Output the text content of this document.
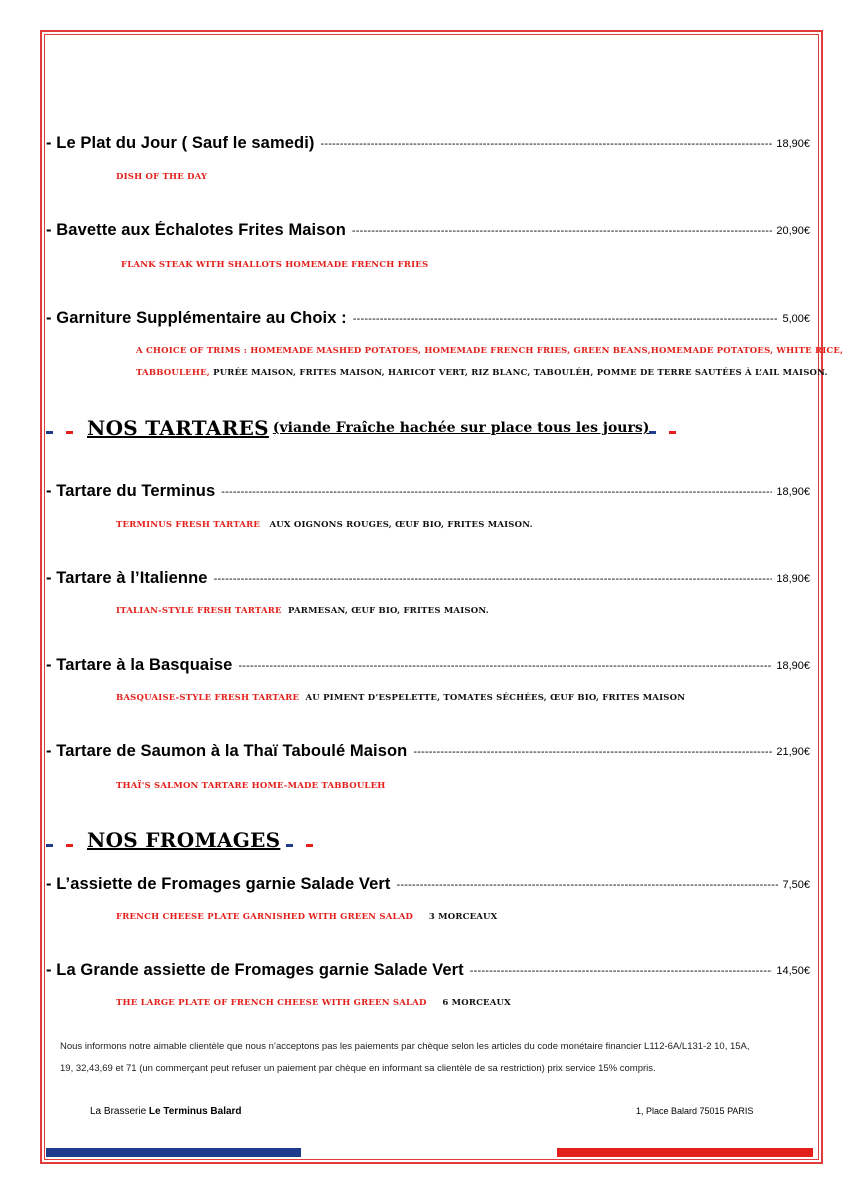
- Le Plat du Jour ( Sauf le samedi) -----	18,90€
DISH OF THE DAY
- Bavette aux Échalotes Frites Maison -----	20,90€
FLANK STEAK WITH SHALLOTS HOMEMADE FRENCH FRIES
- Garniture Supplémentaire au Choix : -----	5,00€
A CHOICE OF TRIMS : HOMEMADE MASHED POTATOES, HOMEMADE FRENCH FRIES, GREEN BEANS,HOMEMADE POTATOES, WHITE RICE,
TABBOULEHE, PURÉE MAISON, FRITES MAISON, HARICOT VERT, RIZ BLANC, TABOULÉH, POMME DE TERRE SAUTÉES À L’AIL MAISON.
NOS TARTARES (viande Fraîche hachée sur place tous les jours)
- Tartare du Terminus -----	18,90€
TERMINUS FRESH TARTARE AUX OIGNONS ROUGES, ŒUF BIO, FRITES MAISON.
- Tartare à l’Italienne -----	18,90€
ITALIAN-STYLE FRESH TARTARE PARMESAN, ŒUF BIO, FRITES MAISON.
- Tartare à la Basquaise -----	18,90€
BASQUAISE-STYLE FRESH TARTARE AU PIMENT D’ESPELETTE, TOMATES SÉCHÉES, ŒUF BIO, FRITES MAISON
- Tartare de Saumon à la Thaï Taboulé Maison -----	21,90€
THAÏ'S SALMON TARTARE HOME-MADE TABBOULEH
NOS FROMAGES
- L’assiette de Fromages garnie Salade Vert -----	7,50€
FRENCH CHEESE PLATE GARNISHED WITH GREEN SALAD 3 MORCEAUX
- La Grande assiette de Fromages garnie Salade Vert -----	14,50€
THE LARGE PLATE OF FRENCH CHEESE WITH GREEN SALAD 6 MORCEAUX
Nous informons notre aimable clientèle que nous n’acceptons pas les paiements par chèque selon les articles du code monétaire financier L112-6A/L131-2 10, 15A,
19, 32,43,69 et 71 (un commerçant peut refuser un paiement par chèque en informant sa clientèle de sa restriction) prix service 15% compris.
La Brasserie Le Terminus Balard	1, Place Balard 75015 PARIS
